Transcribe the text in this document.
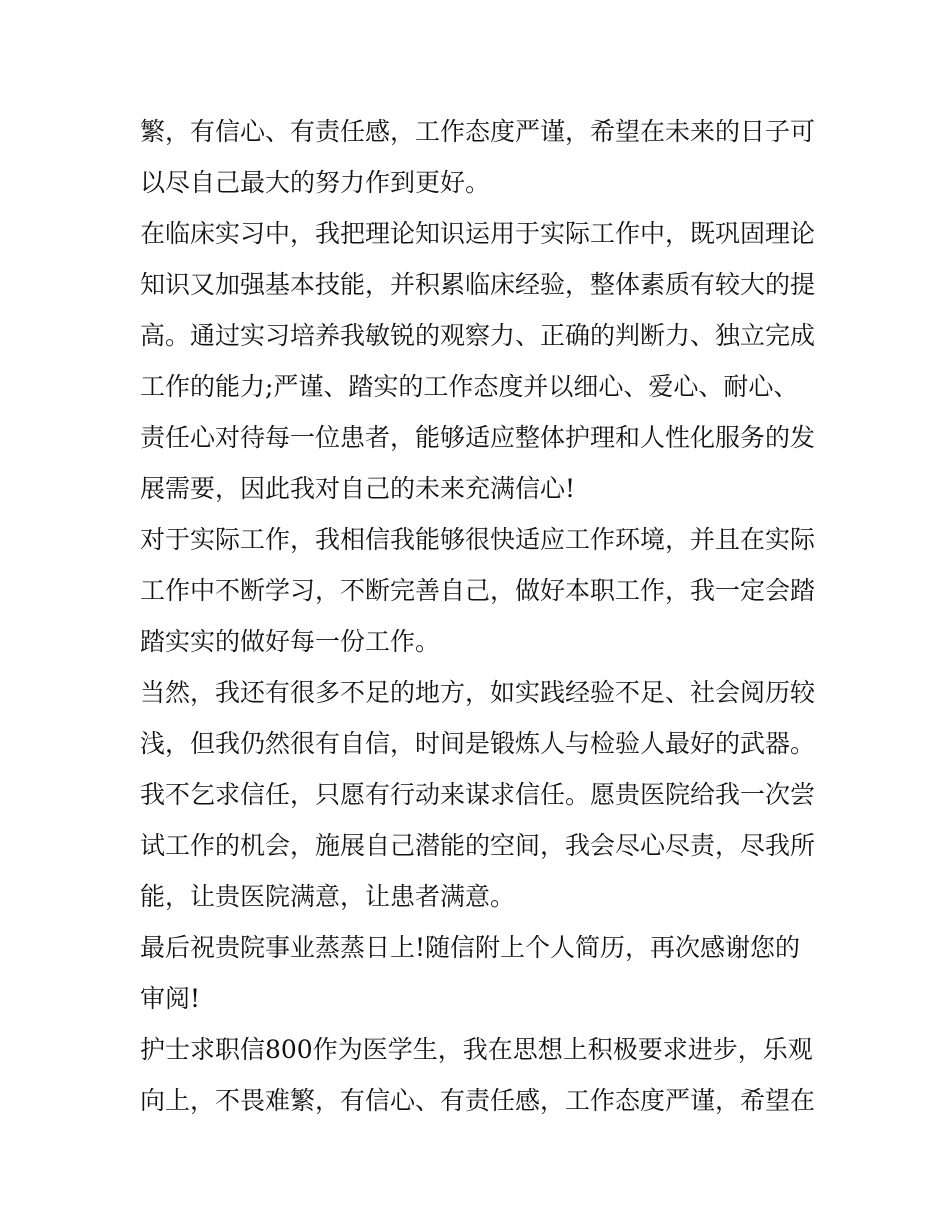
繁，有信心、有责任感，工作态度严谨，希望在未来的日子可以尽自己最大的努力作到更好。

在临床实习中，我把理论知识运用于实际工作中，既巩固理论知识又加强基本技能，并积累临床经验，整体素质有较大的提高。通过实习培养我敏锐的观察力、正确的判断力、独立完成工作的能力;严谨、踏实的工作态度并以细心、爱心、耐心、责任心对待每一位患者，能够适应整体护理和人性化服务的发展需要，因此我对自己的未来充满信心!

对于实际工作，我相信我能够很快适应工作环境，并且在实际工作中不断学习，不断完善自己，做好本职工作，我一定会踏踏实实的做好每一份工作。

当然，我还有很多不足的地方，如实践经验不足、社会阅历较浅，但我仍然很有自信，时间是锻炼人与检验人最好的武器。我不乞求信任，只愿有行动来谋求信任。愿贵医院给我一次尝试工作的机会，施展自己潜能的空间，我会尽心尽责，尽我所能，让贵医院满意，让患者满意。

最后祝贵院事业蒸蒸日上!随信附上个人简历，再次感谢您的审阅!

护士求职信800作为医学生，我在思想上积极要求进步，乐观向上，不畏难繁，有信心、有责任感，工作态度严谨，希望在
